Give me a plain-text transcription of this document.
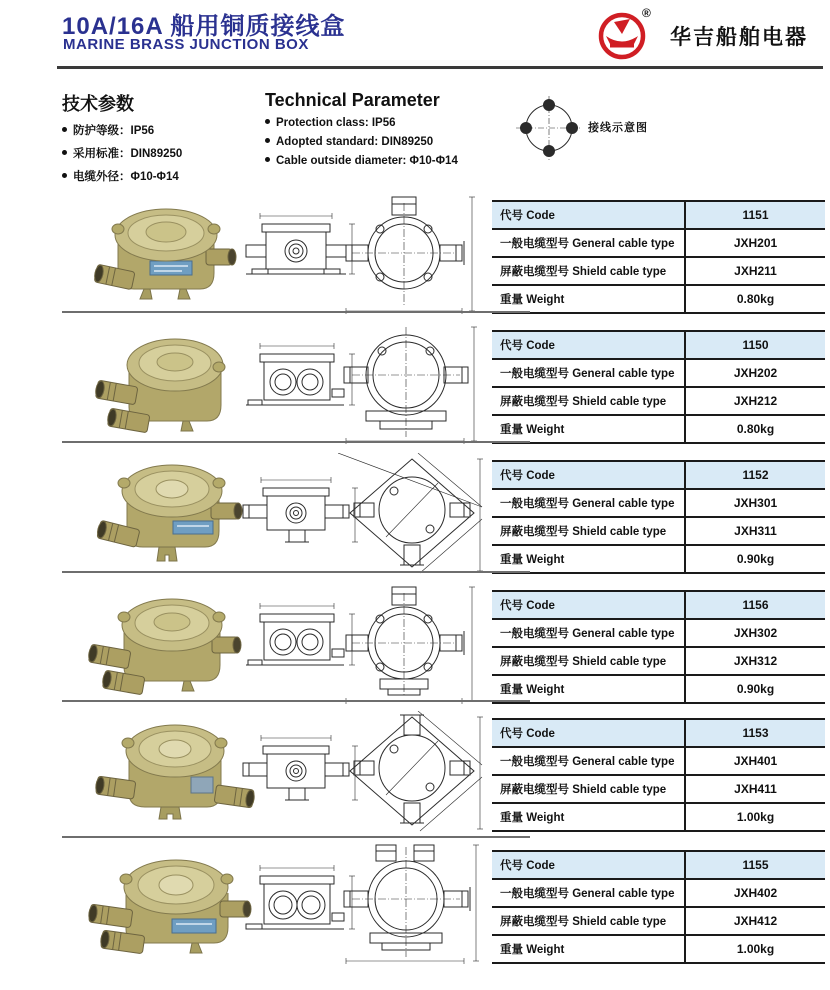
10A/16A 船用铜质接线盒
MARINE BRASS JUNCTION BOX
®
华吉船舶电器
技术参数
防护等级：IP56
采用标准：DIN89250
电缆外径：Φ10-Φ14
Technical Parameter
Protection class: IP56
Adopted standard: DIN89250
Cable outside diameter: Φ10-Φ14
接线示意图
代号 Code	1151
一般电缆型号 General cable type	JXH201
屏蔽电缆型号 Shield cable type	JXH211
重量 Weight	0.80kg
代号 Code	1150
一般电缆型号 General cable type	JXH202
屏蔽电缆型号 Shield cable type	JXH212
重量 Weight	0.80kg
代号 Code	1152
一般电缆型号 General cable type	JXH301
屏蔽电缆型号 Shield cable type	JXH311
重量 Weight	0.90kg
代号 Code	1156
一般电缆型号 General cable type	JXH302
屏蔽电缆型号 Shield cable type	JXH312
重量 Weight	0.90kg
代号 Code	1153
一般电缆型号 General cable type	JXH401
屏蔽电缆型号 Shield cable type	JXH411
重量 Weight	1.00kg
代号 Code	1155
一般电缆型号 General cable type	JXH402
屏蔽电缆型号 Shield cable type	JXH412
重量 Weight	1.00kg
